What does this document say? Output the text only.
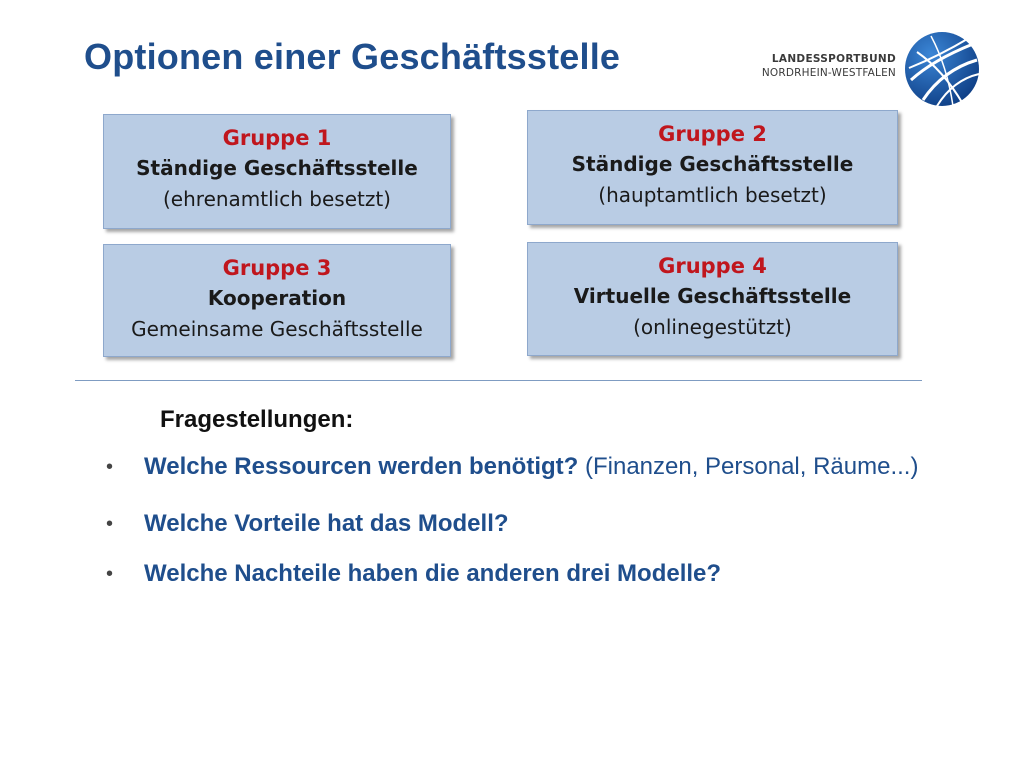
Optionen einer Geschäftsstelle	LANDESSPORTBUND
NORDRHEIN-WESTFALEN
Gruppe 1
Ständige Geschäftsstelle
(ehrenamtlich besetzt)
Gruppe 2
Ständige Geschäftsstelle
(hauptamtlich besetzt)
Gruppe 3
Kooperation
Gemeinsame Geschäftsstelle
Gruppe 4
Virtuelle Geschäftsstelle
(onlinegestützt)
Fragestellungen:
• Welche Ressourcen werden benötigt? (Finanzen, Personal, Räume...)
• Welche Vorteile hat das Modell?
• Welche Nachteile haben die anderen drei Modelle?
